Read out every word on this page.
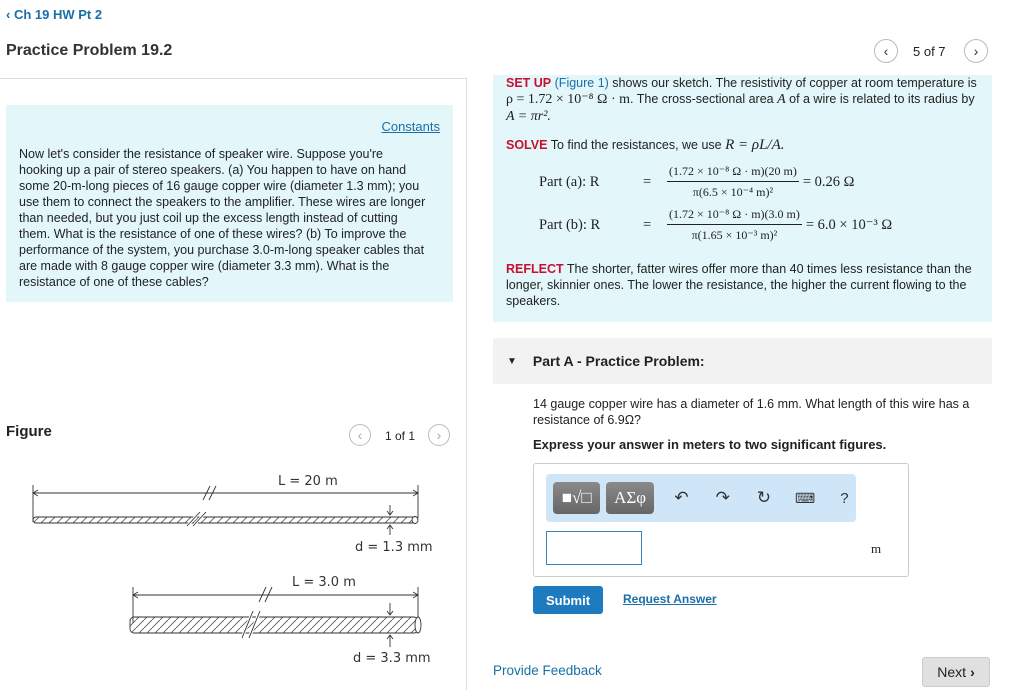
‹ Ch 19 HW Pt 2
Practice Problem 19.2	‹ 5 of 7 ›
Constants
Now let's consider the resistance of speaker wire. Suppose you're hooking up a pair of stereo speakers. (a) You happen to have on hand some 20-m-long pieces of 16 gauge copper wire (diameter 1.3 mm); you use them to connect the speakers to the amplifier. These wires are longer than needed, but you just coil up the excess length instead of cutting them. What is the resistance of one of these wires? (b) To improve the performance of the system, you purchase 3.0-m-long speaker cables that are made with 8 gauge copper wire (diameter 3.3 mm). What is the resistance of one of these cables?
Figure	‹ 1 of 1 ›
L = 20 m
d = 1.3 mm
L = 3.0 m
d = 3.3 mm
SET UP (Figure 1) shows our sketch. The resistivity of copper at room temperature is ρ = 1.72 × 10⁻⁸ Ω · m. The cross-sectional area A of a wire is related to its radius by A = πr².
SOLVE To find the resistances, we use R = ρL/A.
Part (a): R	=	$\frac{\text{(1.72 × 10⁻⁸ Ω · m)(20 m)}}{\text{π(6.5 × 10⁻⁴ m)²}} = 0.26$ Ω
Part (b): R	=	$\frac{\text{(1.72 × 10⁻⁸ Ω · m)(3.0 m)}}{\text{π(1.65 × 10⁻³ m)²}} = 6.0 \times 10^{-3}$ Ω
REFLECT The shorter, fatter wires offer more than 40 times less resistance than the longer, skinnier ones. The lower the resistance, the higher the current flowing to the speakers.
▼ Part A - Practice Problem:
14 gauge copper wire has a diameter of 1.6 mm. What length of this wire has a resistance of 6.9Ω?
Express your answer in meters to two significant figures.
■√□	ΑΣφ	↶ ↷ ↻	⌨	?
m
Submit	Request Answer
Provide Feedback	Next ›
